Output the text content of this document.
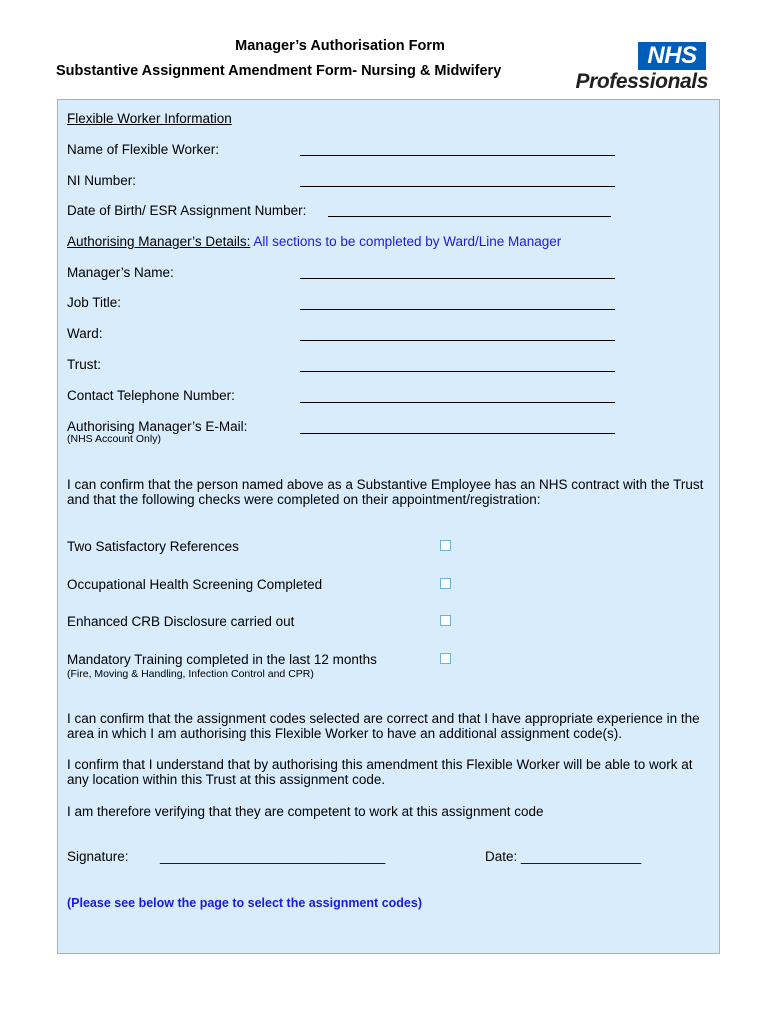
Manager’s Authorisation Form
Substantive Assignment Amendment Form- Nursing & Midwifery
NHS
Professionals
Flexible Worker Information
Name of Flexible Worker:
NI Number:
Date of Birth/ ESR Assignment Number:
Authorising Manager’s Details: All sections to be completed by Ward/Line Manager
Manager’s Name:
Job Title:
Ward:
Trust:
Contact Telephone Number:
Authorising Manager’s E-Mail:
(NHS Account Only)
I can confirm that the person named above as a Substantive Employee has an NHS contract with the Trust and that the following checks were completed on their appointment/registration:
Two Satisfactory References
Occupational Health Screening Completed
Enhanced CRB Disclosure carried out
Mandatory Training completed in the last 12 months
(Fire, Moving & Handling, Infection Control and CPR)
I can confirm that the assignment codes selected are correct and that I have appropriate experience in the area in which I am authorising this Flexible Worker to have an additional assignment code(s).
I confirm that I understand that by authorising this amendment this Flexible Worker will be able to work at any location within this Trust at this assignment code.
I am therefore verifying that they are competent to work at this assignment code
Signature: ______________________________	Date: ________________
(Please see below the page to select the assignment codes)
